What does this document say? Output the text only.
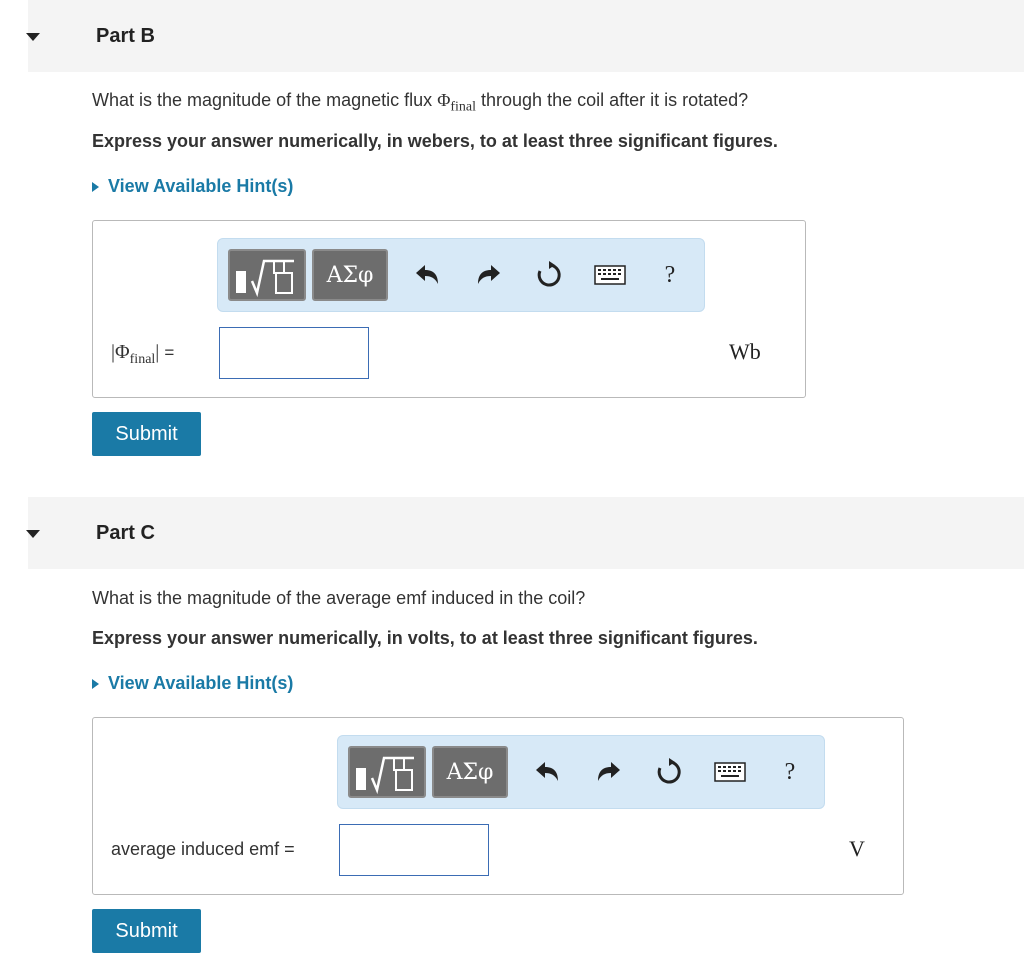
Part B
What is the magnitude of the magnetic flux $\Phi_{final}$ through the coil after it is rotated?
Express your answer numerically, in webers, to at least three significant figures.
View Available Hint(s)
ΑΣφ	?
$|\Phi_{final}|$ =	Wb
Submit
Part C
What is the magnitude of the average emf induced in the coil?
Express your answer numerically, in volts, to at least three significant figures.
View Available Hint(s)
ΑΣφ	?
average induced emf =	V
Submit
